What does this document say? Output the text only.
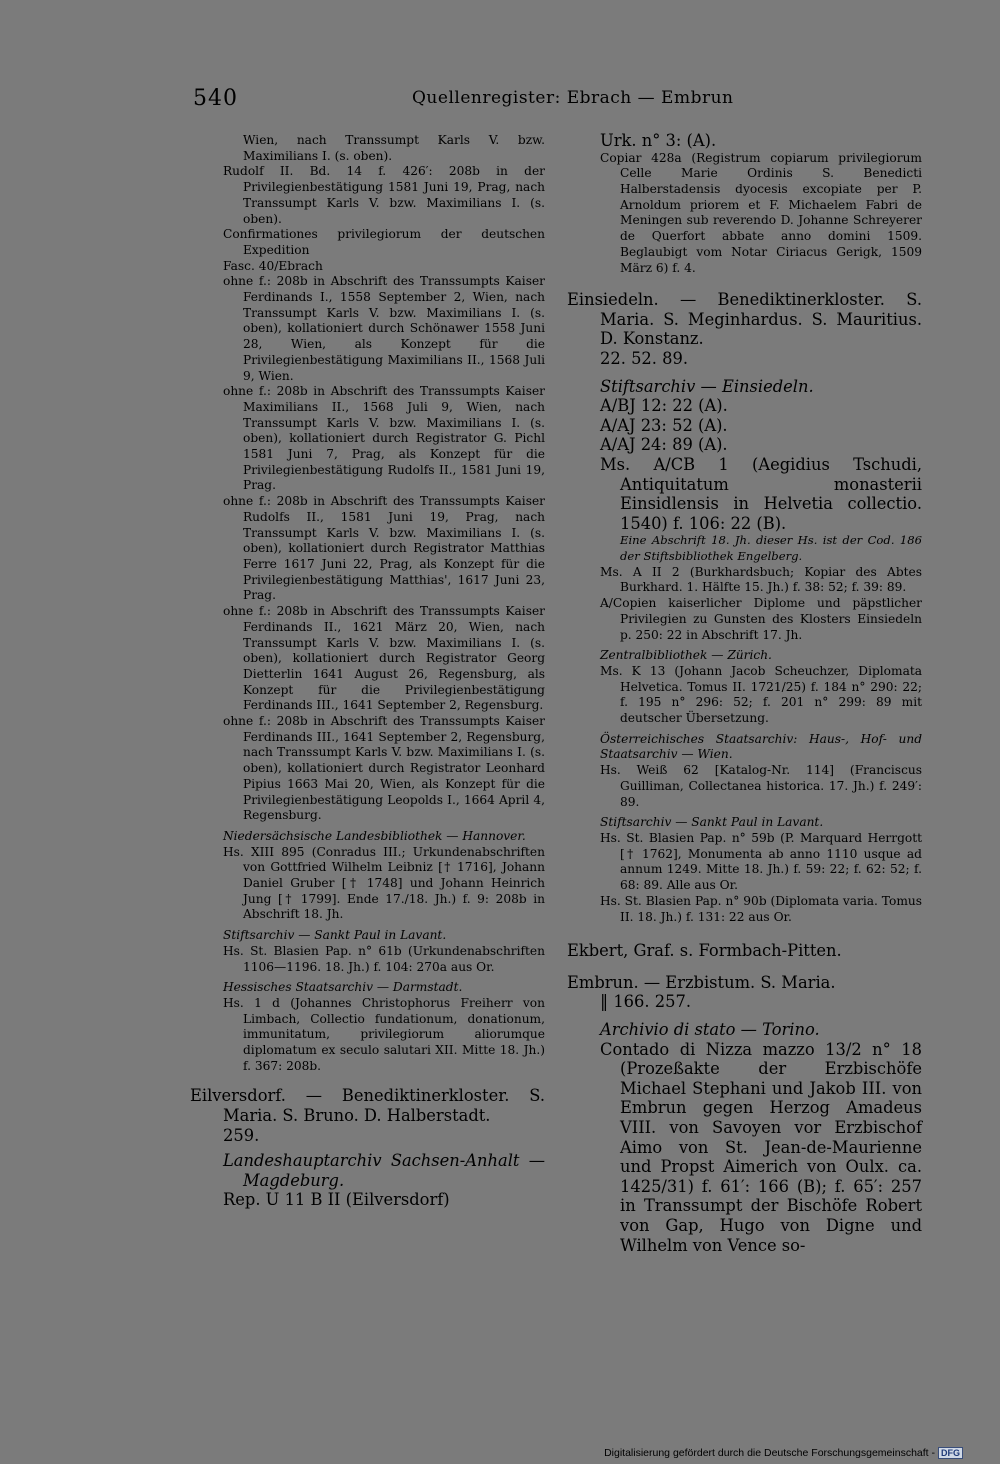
540	Quellenregister: Ebrach — Embrun
Wien, nach Transsumpt Karls V. bzw. Maximilians I. (s. oben).
Rudolf II. Bd. 14 f. 426′: 208b in der Privilegienbestätigung 1581 Juni 19, Prag, nach Transsumpt Karls V. bzw. Maximilians I. (s. oben).
Confirmationes privilegiorum der deutschen Expedition
Fasc. 40/Ebrach
ohne f.: 208b in Abschrift des Transsumpts Kaiser Ferdinands I., 1558 September 2, Wien, nach Transsumpt Karls V. bzw. Maximilians I. (s. oben), kollationiert durch Schönawer 1558 Juni 28, Wien, als Konzept für die Privilegienbestätigung Maximilians II., 1568 Juli 9, Wien.
ohne f.: 208b in Abschrift des Transsumpts Kaiser Maximilians II., 1568 Juli 9, Wien, nach Transsumpt Karls V. bzw. Maximilians I. (s. oben), kollationiert durch Registrator G. Pichl 1581 Juni 7, Prag, als Konzept für die Privilegienbestätigung Rudolfs II., 1581 Juni 19, Prag.
ohne f.: 208b in Abschrift des Transsumpts Kaiser Rudolfs II., 1581 Juni 19, Prag, nach Transsumpt Karls V. bzw. Maximilians I. (s. oben), kollationiert durch Registrator Matthias Ferre 1617 Juni 22, Prag, als Konzept für die Privilegienbestätigung Matthias', 1617 Juni 23, Prag.
ohne f.: 208b in Abschrift des Transsumpts Kaiser Ferdinands II., 1621 März 20, Wien, nach Transsumpt Karls V. bzw. Maximilians I. (s. oben), kollationiert durch Registrator Georg Dietterlin 1641 August 26, Regensburg, als Konzept für die Privilegienbestätigung Ferdinands III., 1641 September 2, Regensburg.
ohne f.: 208b in Abschrift des Transsumpts Kaiser Ferdinands III., 1641 September 2, Regensburg, nach Transsumpt Karls V. bzw. Maximilians I. (s. oben), kollationiert durch Registrator Leonhard Pipius 1663 Mai 20, Wien, als Konzept für die Privilegienbestätigung Leopolds I., 1664 April 4, Regensburg.
Niedersächsische Landesbibliothek — Hannover.
Hs. XIII 895 (Conradus III.; Urkundenabschriften von Gottfried Wilhelm Leibniz [† 1716], Johann Daniel Gruber [† 1748] und Johann Heinrich Jung [† 1799]. Ende 17./18. Jh.) f. 9: 208b in Abschrift 18. Jh.
Stiftsarchiv — Sankt Paul in Lavant.
Hs. St. Blasien Pap. n° 61b (Urkundenabschriften 1106—1196. 18. Jh.) f. 104: 270a aus Or.
Hessisches Staatsarchiv — Darmstadt.
Hs. 1 d (Johannes Christophorus Freiherr von Limbach, Collectio fundationum, donationum, immunitatum, privilegiorum aliorumque diplomatum ex seculo salutari XII. Mitte 18. Jh.) f. 367: 208b.
Eilversdorf. — Benediktinerkloster. S. Maria. S. Bruno. D. Halberstadt.
259.
Landeshauptarchiv Sachsen-Anhalt — Magdeburg.
Rep. U 11 B II (Eilversdorf)
Urk. n° 3: (A).
Copiar 428a (Registrum copiarum privilegiorum Celle Marie Ordinis S. Benedicti Halberstadensis dyocesis excopiate per P. Arnoldum priorem et F. Michaelem Fabri de Meningen sub reverendo D. Johanne Schreyerer de Querfort abbate anno domini 1509. Beglaubigt vom Notar Ciriacus Gerigk, 1509 März 6) f. 4.
Einsiedeln. — Benediktinerkloster. S. Maria. S. Meginhardus. S. Mauritius. D. Konstanz.
22. 52. 89.
Stiftsarchiv — Einsiedeln.
A/BJ 12: 22 (A).
A/AJ 23: 52 (A).
A/AJ 24: 89 (A).
Ms. A/CB 1 (Aegidius Tschudi, Antiquitatum monasterii Einsidlensis in Helvetia collectio. 1540) f. 106: 22 (B).
Eine Abschrift 18. Jh. dieser Hs. ist der Cod. 186 der Stiftsbibliothek Engelberg.
Ms. A II 2 (Burkhardsbuch; Kopiar des Abtes Burkhard. 1. Hälfte 15. Jh.) f. 38: 52; f. 39: 89.
A/Copien kaiserlicher Diplome und päpstlicher Privilegien zu Gunsten des Klosters Einsiedeln p. 250: 22 in Abschrift 17. Jh.
Zentralbibliothek — Zürich.
Ms. K 13 (Johann Jacob Scheuchzer, Diplomata Helvetica. Tomus II. 1721/25) f. 184 n° 290: 22; f. 195 n° 296: 52; f. 201 n° 299: 89 mit deutscher Übersetzung.
Österreichisches Staatsarchiv: Haus-, Hof- und Staatsarchiv — Wien.
Hs. Weiß 62 [Katalog-Nr. 114] (Franciscus Guilliman, Collectanea historica. 17. Jh.) f. 249′: 89.
Stiftsarchiv — Sankt Paul in Lavant.
Hs. St. Blasien Pap. n° 59b (P. Marquard Herrgott [† 1762], Monumenta ab anno 1110 usque ad annum 1249. Mitte 18. Jh.) f. 59: 22; f. 62: 52; f. 68: 89. Alle aus Or.
Hs. St. Blasien Pap. n° 90b (Diplomata varia. Tomus II. 18. Jh.) f. 131: 22 aus Or.
Ekbert, Graf. s. Formbach-Pitten.
Embrun. — Erzbistum. S. Maria.
‖ 166. 257.
Archivio di stato — Torino.
Contado di Nizza mazzo 13/2 n° 18 (Prozeßakte der Erzbischöfe Michael Stephani und Jakob III. von Embrun gegen Herzog Amadeus VIII. von Savoyen vor Erzbischof Aimo von St. Jean-de-Maurienne und Propst Aimerich von Oulx. ca. 1425/31) f. 61′: 166 (B); f. 65′: 257 in Transsumpt der Bischöfe Robert von Gap, Hugo von Digne und Wilhelm von Vence so-
Digitalisierung gefördert durch die Deutsche Forschungsgemeinschaft - DFG
